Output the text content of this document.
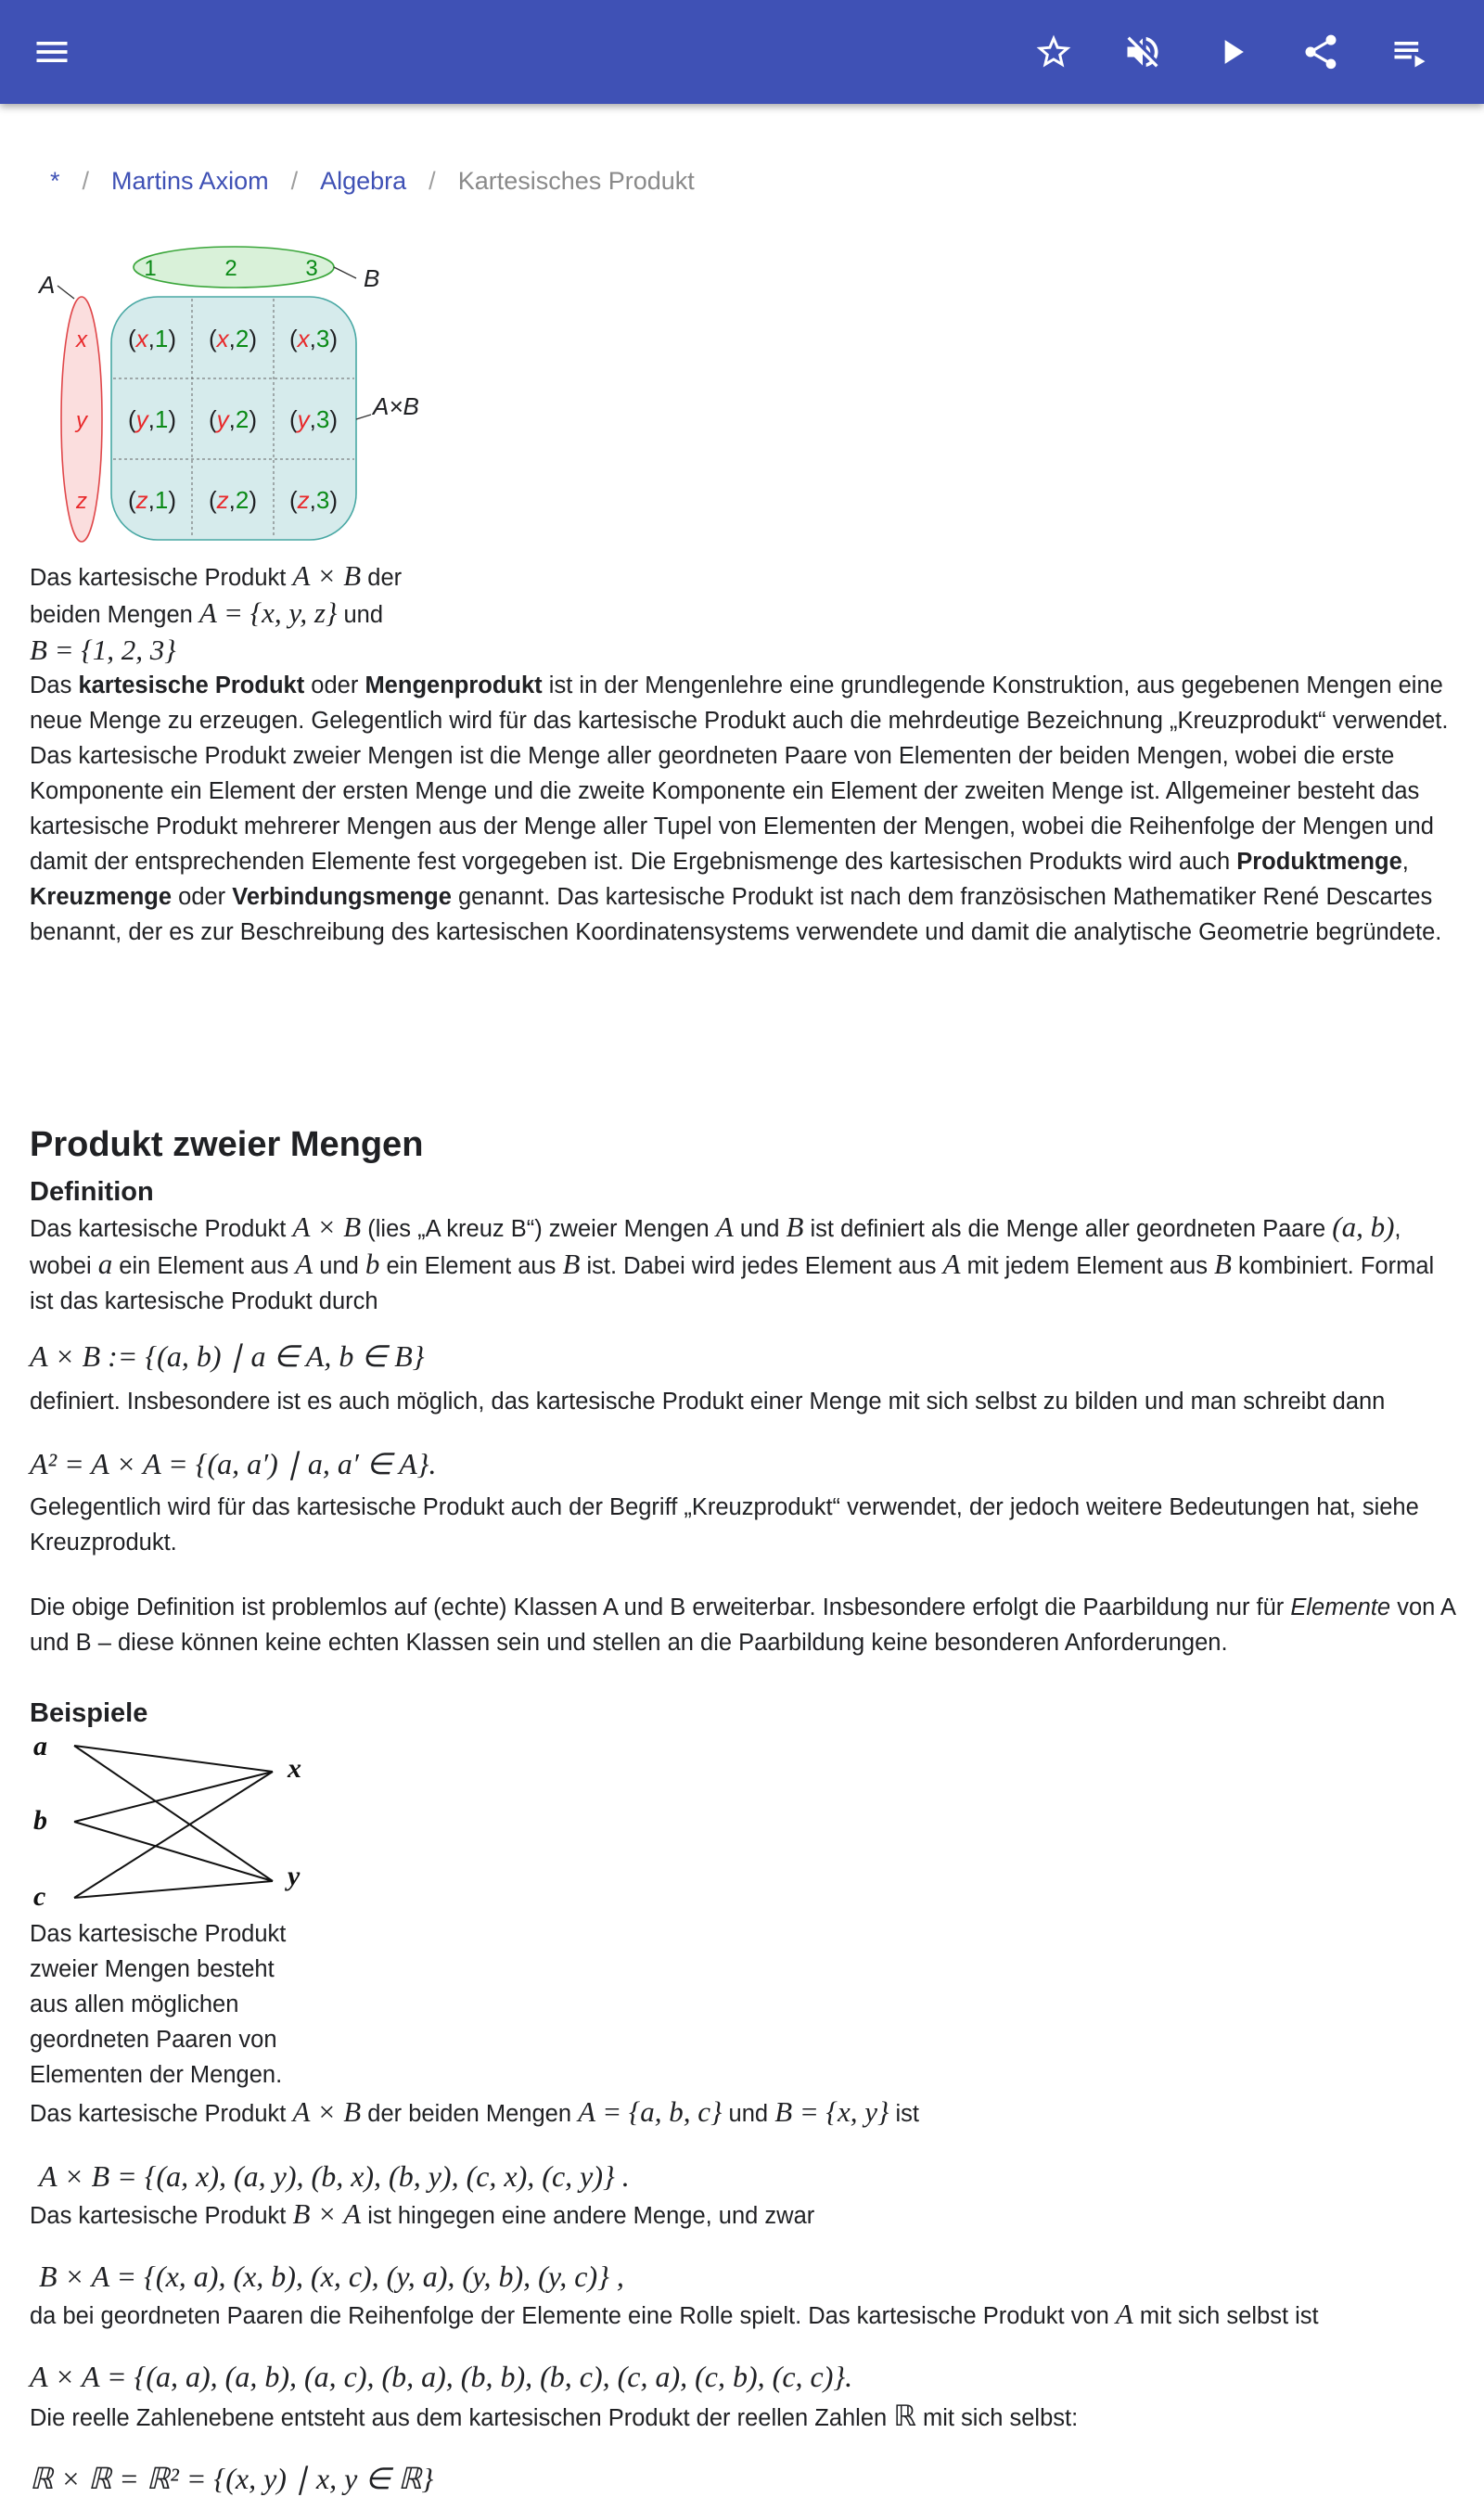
* / Martins Axiom / Algebra / Kartesisches Produkt
A	B
A×B
1	2	3
x
y
z
(x,1) (x,2) (x,3)
(y,1) (y,2) (y,3)
(z,1) (z,2) (z,3)
Das kartesische Produkt A × B der
beiden Mengen A = {x, y, z} und
B = {1, 2, 3}

Das kartesische Produkt oder Mengenprodukt ist in der Mengenlehre eine grundlegende Konstruktion, aus gegebenen Mengen eine neue Menge zu erzeugen. Gelegentlich wird für das kartesische Produkt auch die mehrdeutige Bezeichnung „Kreuzprodukt“ verwendet. Das kartesische Produkt zweier Mengen ist die Menge aller geordneten Paare von Elementen der beiden Mengen, wobei die erste Komponente ein Element der ersten Menge und die zweite Komponente ein Element der zweiten Menge ist. Allgemeiner besteht das kartesische Produkt mehrerer Mengen aus der Menge aller Tupel von Elementen der Mengen, wobei die Reihenfolge der Mengen und damit der entsprechenden Elemente fest vorgegeben ist. Die Ergebnismenge des kartesischen Produkts wird auch Produktmenge, Kreuzmenge oder Verbindungsmenge genannt. Das kartesische Produkt ist nach dem französischen Mathematiker René Descartes benannt, der es zur Beschreibung des kartesischen Koordinatensystems verwendete und damit die analytische Geometrie begründete.

Produkt zweier Mengen
Definition

Das kartesische Produkt A × B (lies „A kreuz B“) zweier Mengen A und B ist definiert als die Menge aller geordneten Paare (a, b), wobei a ein Element aus A und b ein Element aus B ist. Dabei wird jedes Element aus A mit jedem Element aus B kombiniert. Formal ist das kartesische Produkt durch

A × B := {(a, b) ∣ a ∈ A, b ∈ B}

definiert. Insbesondere ist es auch möglich, das kartesische Produkt einer Menge mit sich selbst zu bilden und man schreibt dann

A² = A × A = {(a, a′) ∣ a, a′ ∈ A}.

Gelegentlich wird für das kartesische Produkt auch der Begriff „Kreuzprodukt“ verwendet, der jedoch weitere Bedeutungen hat, siehe Kreuzprodukt.

Die obige Definition ist problemlos auf (echte) Klassen A und B erweiterbar. Insbesondere erfolgt die Paarbildung nur für Elemente von A und B – diese können keine echten Klassen sein und stellen an die Paarbildung keine besonderen Anforderungen.

Beispiele
a
b
c
x
y

Das kartesische Produkt zweier Mengen besteht aus allen möglichen geordneten Paaren von Elementen der Mengen.

Das kartesische Produkt A × B der beiden Mengen A = {a, b, c} und B = {x, y} ist

A × B = {(a, x), (a, y), (b, x), (b, y), (c, x), (c, y)} .

Das kartesische Produkt B × A ist hingegen eine andere Menge, und zwar

B × A = {(x, a), (x, b), (x, c), (y, a), (y, b), (y, c)} ,

da bei geordneten Paaren die Reihenfolge der Elemente eine Rolle spielt. Das kartesische Produkt von A mit sich selbst ist

A × A = {(a, a), (a, b), (a, c), (b, a), (b, b), (b, c), (c, a), (c, b), (c, c)}.

Die reelle Zahlenebene entsteht aus dem kartesischen Produkt der reellen Zahlen ℝ mit sich selbst:

ℝ × ℝ = ℝ² = {(x, y) ∣ x, y ∈ ℝ}
